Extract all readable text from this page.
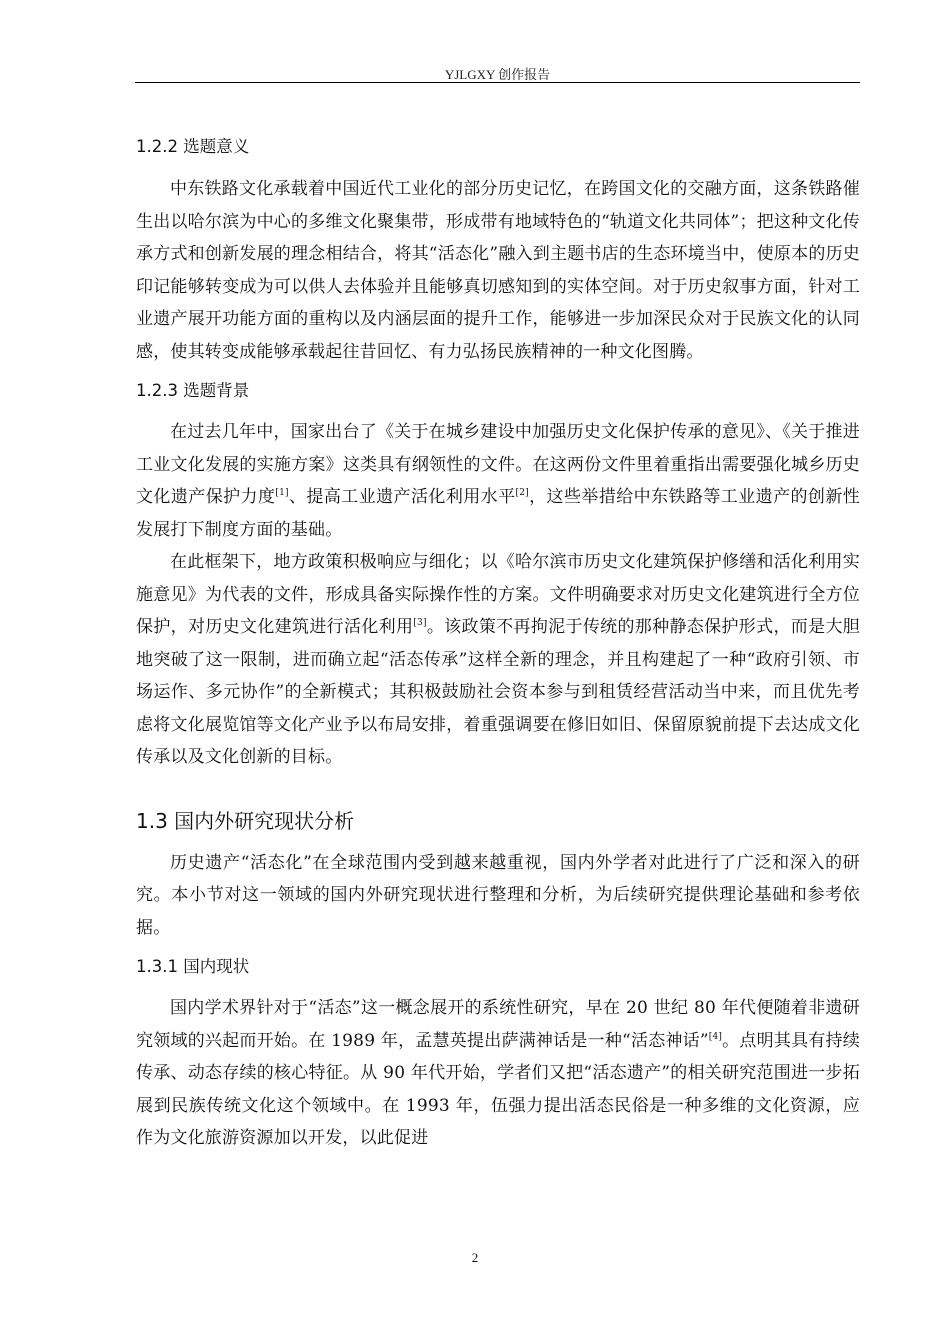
YJLGXY 创作报告
1.2.2 选题意义

中东铁路文化承载着中国近代工业化的部分历史记忆，在跨国文化的交融方面，这条铁路催生出以哈尔滨为中心的多维文化聚集带，形成带有地域特色的“轨道文化共同体”；把这种文化传承方式和创新发展的理念相结合，将其“活态化”融入到主题书店的生态环境当中，使原本的历史印记能够转变成为可以供人去体验并且能够真切感知到的实体空间。对于历史叙事方面，针对工业遗产展开功能方面的重构以及内涵层面的提升工作，能够进一步加深民众对于民族文化的认同感，使其转变成能够承载起往昔回忆、有力弘扬民族精神的一种文化图腾。

1.2.3 选题背景

在过去几年中，国家出台了《关于在城乡建设中加强历史文化保护传承的意见》、《关于推进工业文化发展的实施方案》这类具有纲领性的文件。在这两份文件里着重指出需要强化城乡历史文化遗产保护力度[1]、提高工业遗产活化利用水平[2]，这些举措给中东铁路等工业遗产的创新性发展打下制度方面的基础。

在此框架下，地方政策积极响应与细化；以《哈尔滨市历史文化建筑保护修缮和活化利用实施意见》为代表的文件，形成具备实际操作性的方案。文件明确要求对历史文化建筑进行全方位保护，对历史文化建筑进行活化利用[3]。该政策不再拘泥于传统的那种静态保护形式，而是大胆地突破了这一限制，进而确立起“活态传承”这样全新的理念，并且构建起了一种“政府引领、市场运作、多元协作”的全新模式；其积极鼓励社会资本参与到租赁经营活动当中来，而且优先考虑将文化展览馆等文化产业予以布局安排，着重强调要在修旧如旧、保留原貌前提下去达成文化传承以及文化创新的目标。

1.3 国内外研究现状分析

历史遗产“活态化”在全球范围内受到越来越重视，国内外学者对此进行了广泛和深入的研究。本小节对这一领域的国内外研究现状进行整理和分析，为后续研究提供理论基础和参考依据。

1.3.1 国内现状

国内学术界针对于“活态”这一概念展开的系统性研究，早在 20 世纪 80 年代便随着非遗研究领域的兴起而开始。在 1989 年，孟慧英提出萨满神话是一种“活态神话”[4]。点明其具有持续传承、动态存续的核心特征。从 90 年代开始，学者们又把“活态遗产”的相关研究范围进一步拓展到民族传统文化这个领域中。在 1993 年，伍强力提出活态民俗是一种多维的文化资源，应作为文化旅游资源加以开发，以此促进

2
